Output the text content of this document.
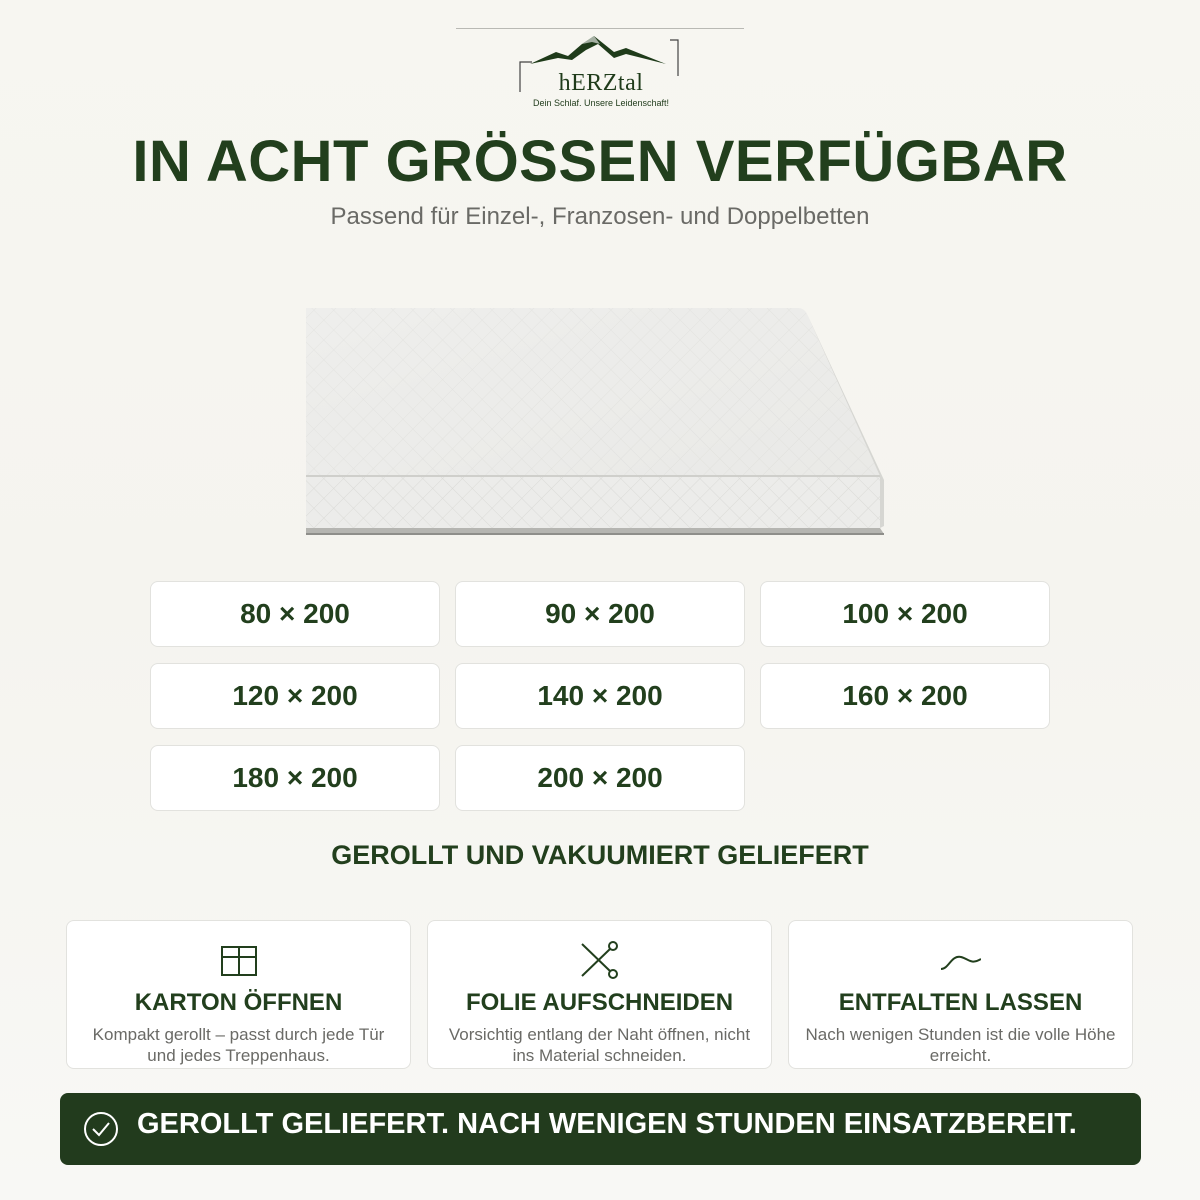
hERZtal
Dein Schlaf. Unsere Leidenschaft!
IN ACHT GRÖSSEN VERFÜGBAR
Passend für Einzel-, Franzosen- und Doppelbetten
80 × 200	90 × 200	100 × 200
120 × 200	140 × 200	160 × 200
180 × 200	200 × 200
GEROLLT UND VAKUUMIERT GELIEFERT
KARTON ÖFFNEN
Kompakt gerollt – passt durch jede Tür und jedes Treppenhaus.
FOLIE AUFSCHNEIDEN
Vorsichtig entlang der Naht öffnen, nicht ins Material schneiden.
ENTFALTEN LASSEN
Nach wenigen Stunden ist die volle Höhe erreicht.
GEROLLT GELIEFERT. NACH WENIGEN STUNDEN EINSATZBEREIT.
